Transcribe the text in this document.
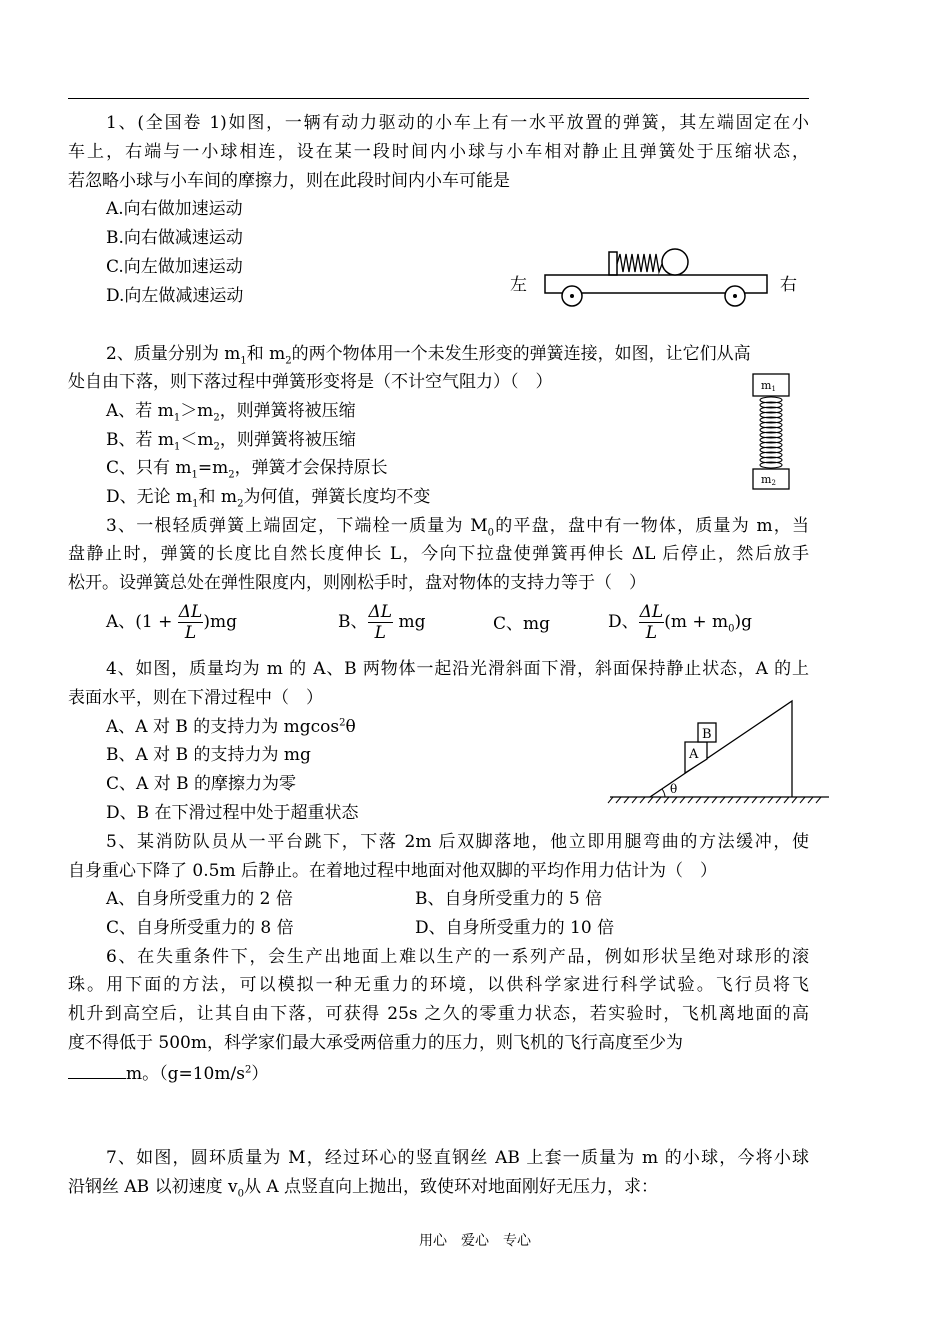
1、(全国卷 1)如图，一辆有动力驱动的小车上有一水平放置的弹簧，其左端固定在小
车上，右端与一小球相连，设在某一段时间内小球与小车相对静止且弹簧处于压缩状态，
若忽略小球与小车间的摩擦力，则在此段时间内小车可能是
A.向右做加速运动
B.向右做减速运动
C.向左做加速运动
D.向左做减速运动
左	右
2、质量分别为 $m_1$和 $m_2$的两个物体用一个未发生形变的弹簧连接，如图，让它们从高
处自由下落，则下落过程中弹簧形变将是（不计空气阻力）（　）
A、若 $m_1>m_2$，则弹簧将被压缩
B、若 $m_1<m_2$，则弹簧将被压缩
C、只有 $m_1=m_2$，弹簧才会保持原长
D、无论 $m_1$和 $m_2$为何值，弹簧长度均不变
m1
m2
3、一根轻质弹簧上端固定，下端栓一质量为 $M_0$的平盘，盘中有一物体，质量为 m，当
盘静止时，弹簧的长度比自然长度伸长 L，今向下拉盘使弹簧再伸长 ΔL 后停止，然后放手
松开。设弹簧总处在弹性限度内，则刚松手时，盘对物体的支持力等于（　）
A、$(1 + \frac{\Delta L}{L} )mg$	B、 $\frac{\Delta L}{L}$ mg	C、mg	D、 $\frac{\Delta L}{L} (m + m_0)g$
4、如图，质量均为 m 的 A、B 两物体一起沿光滑斜面下滑，斜面保持静止状态，A 的上
表面水平，则在下滑过程中（　）
A、A 对 B 的支持力为 mgcos$^2$θ
B、A 对 B 的支持力为 mg
C、A 对 B 的摩擦力为零
D、B 在下滑过程中处于超重状态
θ
A
B
5、某消防队员从一平台跳下，下落 2m 后双脚落地，他立即用腿弯曲的方法缓冲，使
自身重心下降了 0.5m 后静止。在着地过程中地面对他双脚的平均作用力估计为（　）
A、自身所受重力的 2 倍	B、自身所受重力的 5 倍
C、自身所受重力的 8 倍	D、自身所受重力的 10 倍
6、在失重条件下，会生产出地面上难以生产的一系列产品，例如形状呈绝对球形的滚
珠。用下面的方法，可以模拟一种无重力的环境，以供科学家进行科学试验。飞行员将飞
机升到高空后，让其自由下落，可获得 25s 之久的零重力状态，若实验时，飞机离地面的高
度不得低于 500m，科学家们最大承受两倍重力的压力，则飞机的飞行高度至少为
m。$(g=10m/s^2)$
7、如图，圆环质量为 M，经过环心的竖直钢丝 AB 上套一质量为 m 的小球，今将小球
沿钢丝 AB 以初速度 $v_0$从 A 点竖直向上抛出，致使环对地面刚好无压力，求：
用心　爱心　专心
